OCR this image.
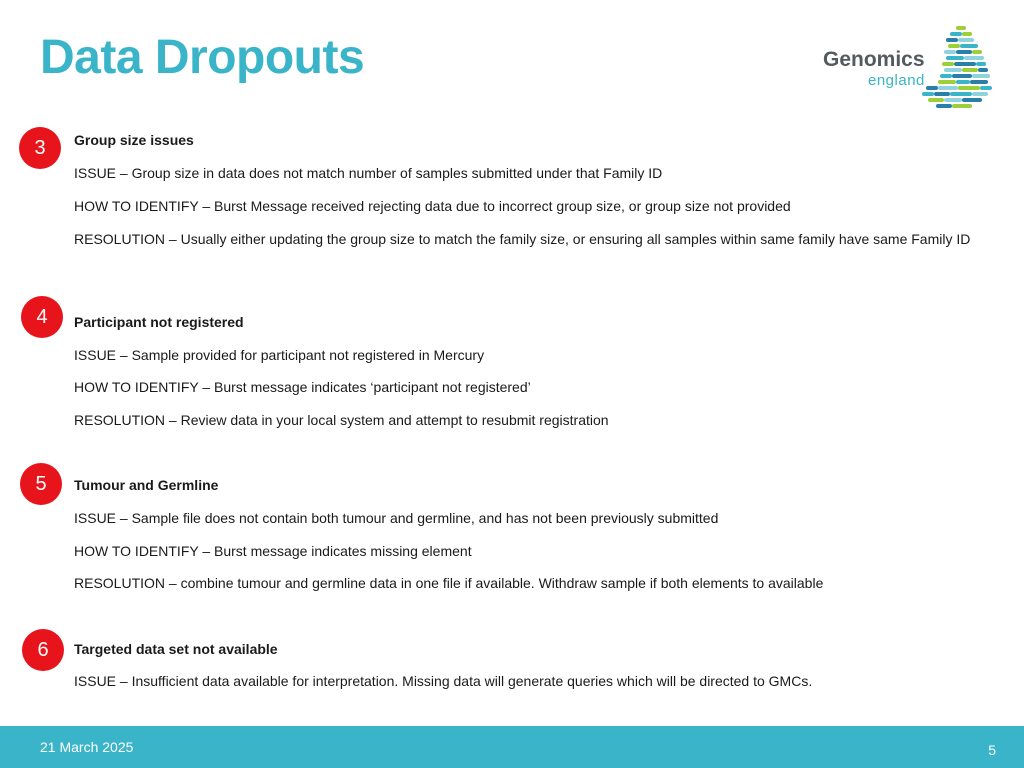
Data Dropouts	Genomics
england
3	Group size issues
ISSUE – Group size in data does not match number of samples submitted under that Family ID
HOW TO IDENTIFY – Burst Message received rejecting data due to incorrect group size, or group size not provided
RESOLUTION – Usually either updating the group size to match the family size, or ensuring all samples within same family have same Family ID
4	Participant not registered
ISSUE – Sample provided for participant not registered in Mercury
HOW TO IDENTIFY – Burst message indicates ‘participant not registered’
RESOLUTION – Review data in your local system and attempt to resubmit registration
5	Tumour and Germline
ISSUE – Sample file does not contain both tumour and germline, and has not been previously submitted
HOW TO IDENTIFY – Burst message indicates missing element
RESOLUTION – combine tumour and germline data in one file if available. Withdraw sample if both elements to available
6	Targeted data set not available
ISSUE – Insufficient data available for interpretation. Missing data will generate queries which will be directed to GMCs.
21 March 2025	5
